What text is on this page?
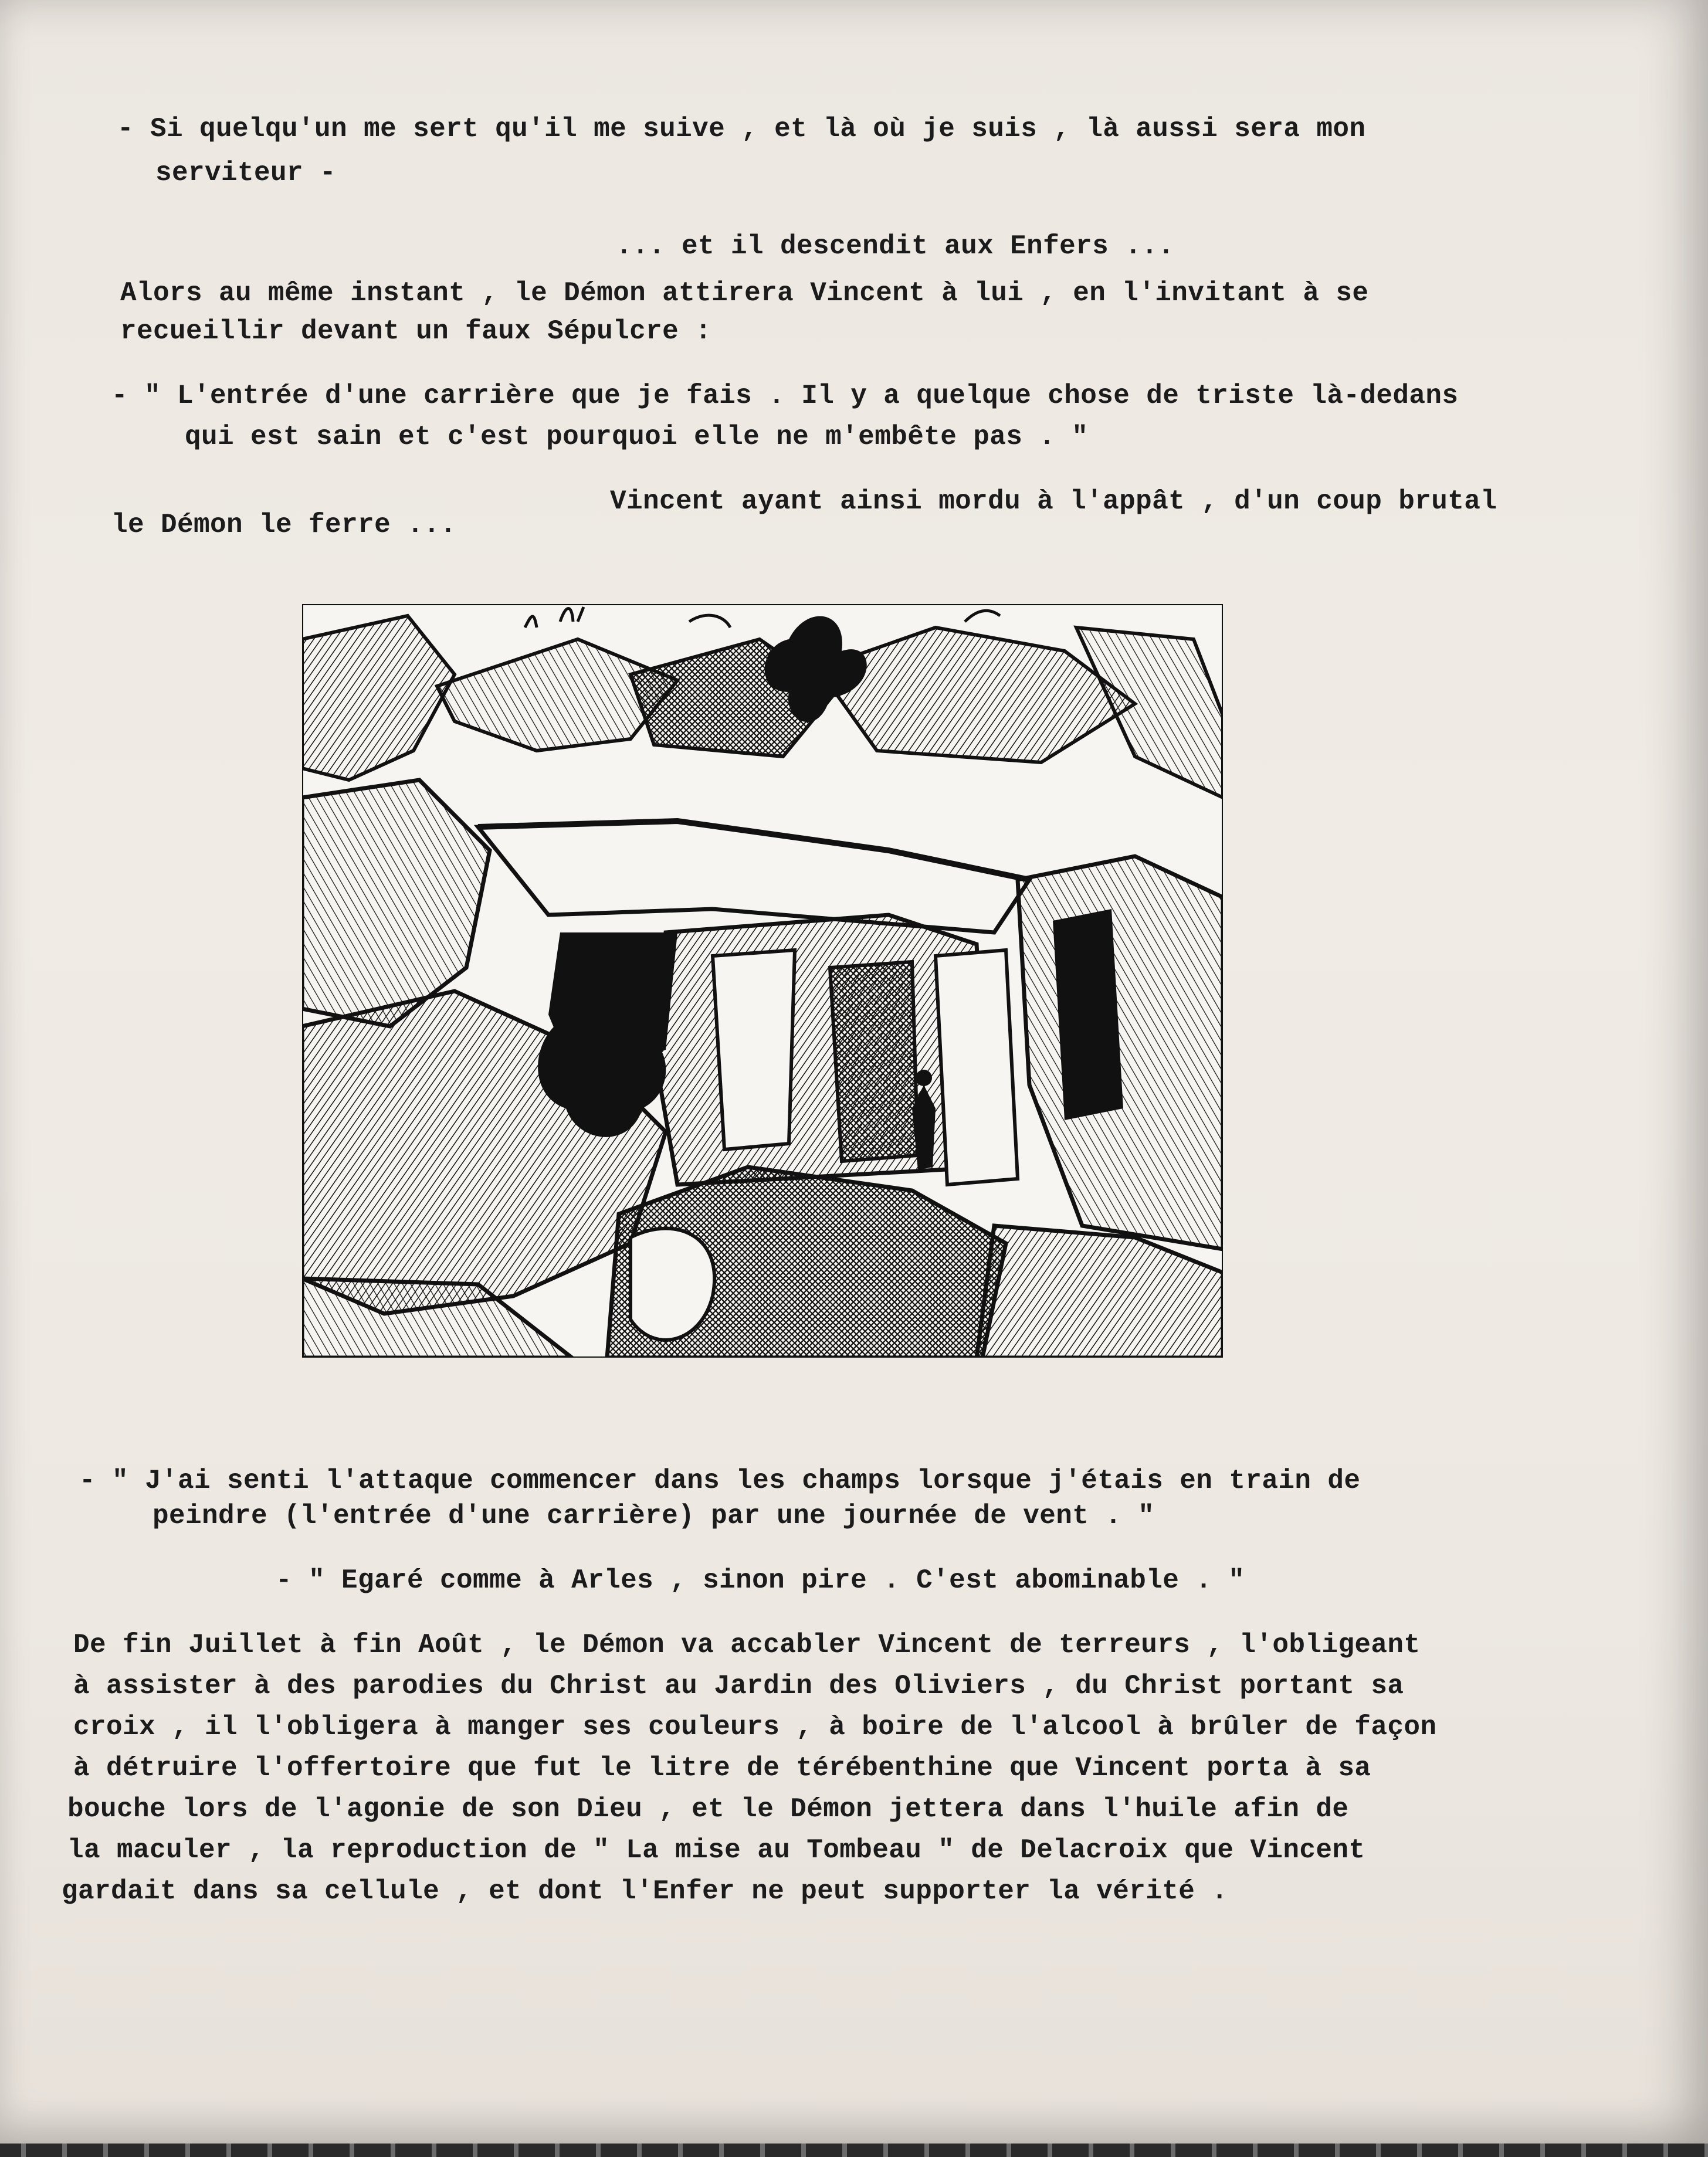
- Si quelqu'un me sert qu'il me suive , et là où je suis , là aussi sera mon

serviteur -

... et il descendit aux Enfers ...

Alors au même instant , le Démon attirera Vincent à lui , en l'invitant à se

recueillir devant un faux Sépulcre :

- " L'entrée d'une carrière que je fais . Il y a quelque chose de triste là-dedans

qui est sain et c'est pourquoi elle ne m'embête pas . "

Vincent ayant ainsi mordu à l'appât , d'un coup brutal

le Démon le ferre ...

- " J'ai senti l'attaque commencer dans les champs lorsque j'étais en train de

peindre (l'entrée d'une carrière) par une journée de vent . "

- " Egaré comme à Arles , sinon pire . C'est abominable . "

De fin Juillet à fin Août , le Démon va accabler Vincent de terreurs , l'obligeant

à assister à des parodies du Christ au Jardin des Oliviers , du Christ portant sa

croix , il l'obligera à manger ses couleurs , à boire de l'alcool à brûler de façon

à détruire l'offertoire que fut le litre de térébenthine que Vincent porta à sa

bouche lors de l'agonie de son Dieu , et le Démon jettera dans l'huile afin de

la maculer , la reproduction de " La mise au Tombeau " de Delacroix que Vincent

gardait dans sa cellule , et dont l'Enfer ne peut supporter la vérité .
